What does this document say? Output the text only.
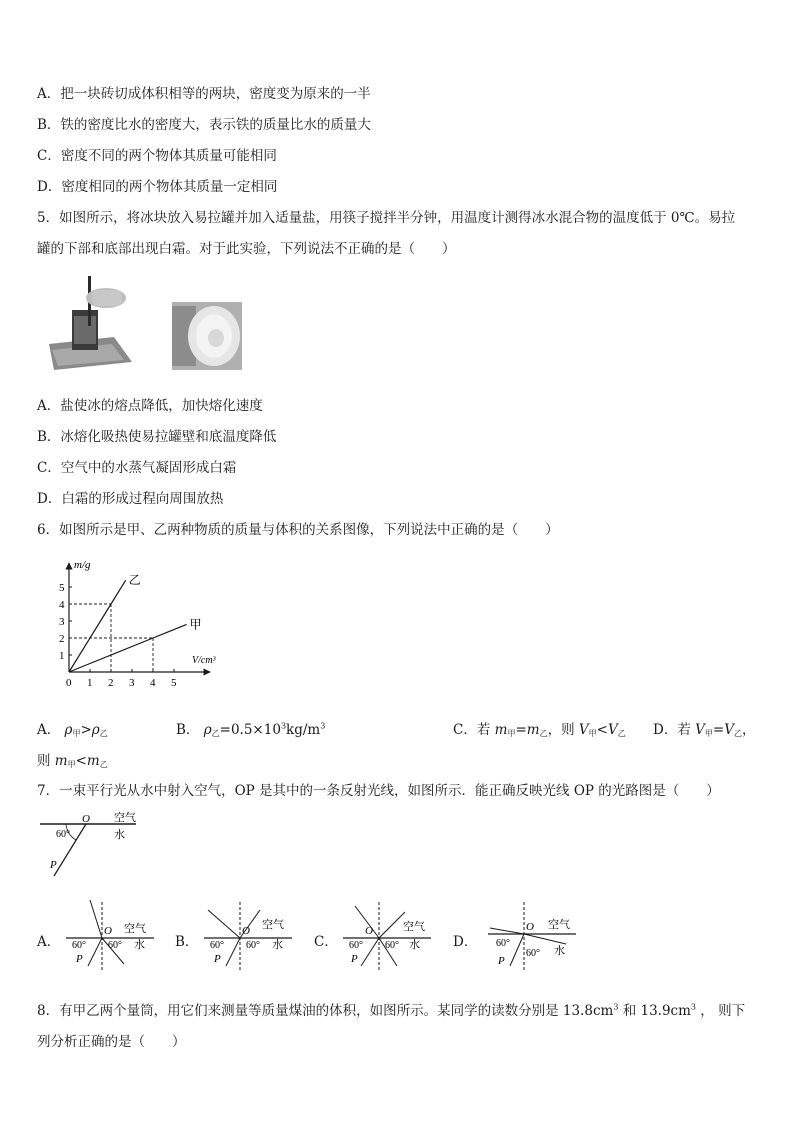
A．把一块砖切成体积相等的两块，密度变为原来的一半
B．铁的密度比水的密度大，表示铁的质量比水的质量大
C．密度不同的两个物体其质量可能相同
D．密度相同的两个物体其质量一定相同
5．如图所示，将冰块放入易拉罐并加入适量盐，用筷子搅拌半分钟，用温度计测得冰水混合物的温度低于 0℃。易拉
罐的下部和底部出现白霜。对于此实验，下列说法不正确的是（　　）
A．盐使冰的熔点降低，加快熔化速度
B．冰熔化吸热使易拉罐壁和底温度降低
C．空气中的水蒸气凝固形成白霜
D．白霜的形成过程向周围放热
6．如图所示是甲、乙两种物质的质量与体积的关系图像，下列说法中正确的是（　　）
乙
甲
0 1 2 3 4 5
1
2
3
4
5
m/g
V/cm³
A． $\rho_甲>\rho_乙$	B． $\rho_乙=0.5\times 10^3kg/m^3$	C．若 $m_甲=m_乙$，则 $V_甲<V_乙$ D．若 $V_甲=V_乙$，
则 $m_甲<m_乙$
7．一束平行光从水中射入空气，OP 是其中的一条反射光线，如图所示．能正确反映光线 OP 的光路图是（　　）
O 空气
水
60°
P
A．
O 空气
水
60° 60°
P
B．
O 空气
水
60° 60°
P
C．
O	空气
水
60° 60°
P
D．
O 空气
水
60°
60°
P
8．有甲乙两个量筒，用它们来测量等质量煤油的体积，如图所示。某同学的读数分别是 $13.8cm^3$ 和 $13.9cm^3$ ， 则下
列分析正确的是（　　）
